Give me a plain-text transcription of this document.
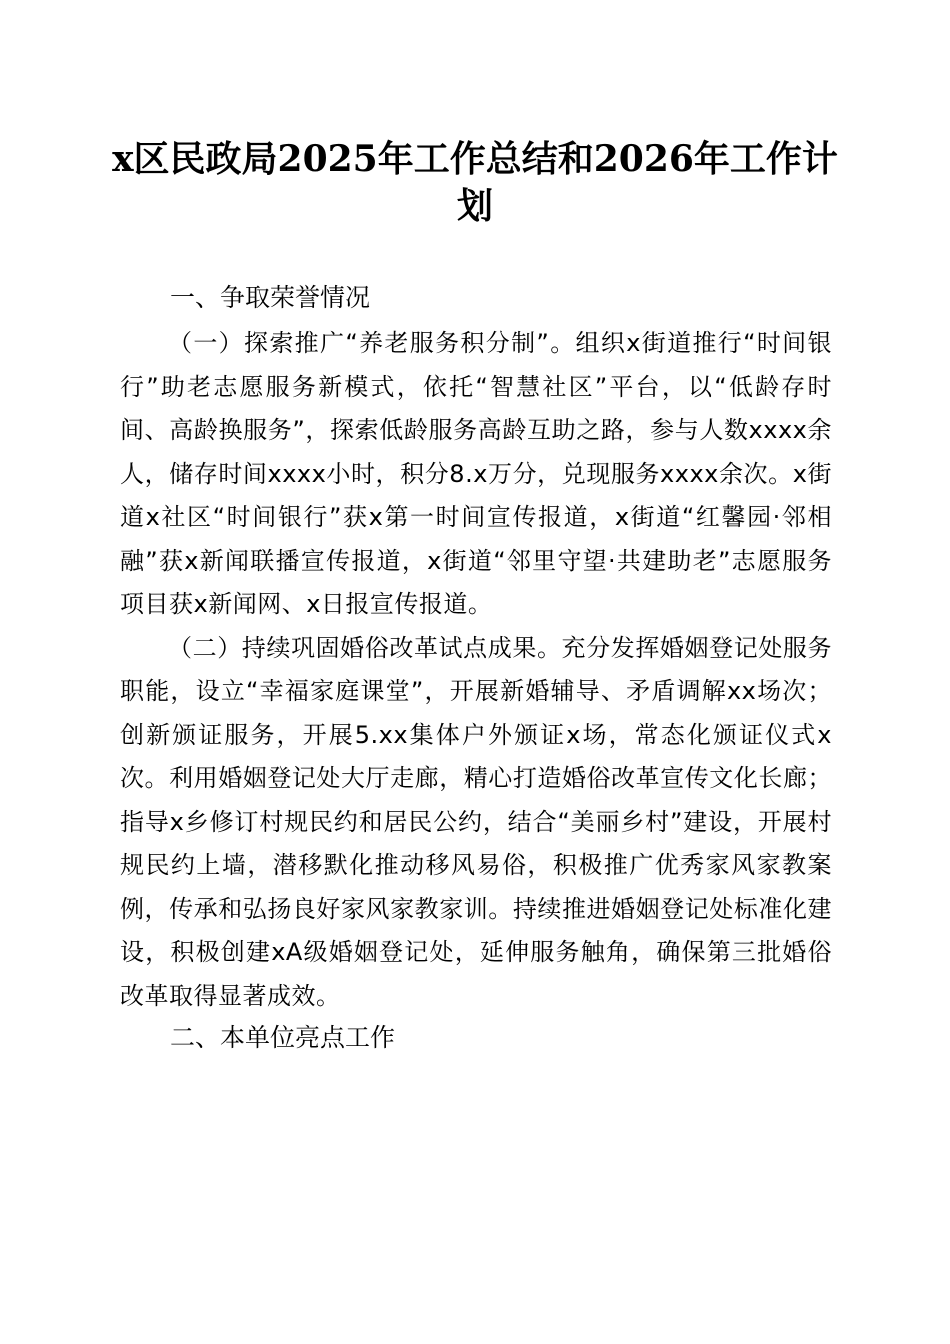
x区民政局2025年工作总结和2026年工作计划
一、争取荣誉情况

（一）探索推广“养老服务积分制”。组织x街道推行“时间银行”助老志愿服务新模式，依托“智慧社区”平台，以“低龄存时间、高龄换服务”，探索低龄服务高龄互助之路，参与人数xxxx余人，储存时间xxxx小时，积分8.x万分，兑现服务xxxx余次。x街道x社区“时间银行”获x第一时间宣传报道，x街道“红馨园·邻相融”获x新闻联播宣传报道，x街道“邻里守望·共建助老”志愿服务项目获x新闻网、x日报宣传报道。

（二）持续巩固婚俗改革试点成果。充分发挥婚姻登记处服务职能，设立“幸福家庭课堂”，开展新婚辅导、矛盾调解xx场次；创新颁证服务，开展5.xx集体户外颁证x场，常态化颁证仪式x次。利用婚姻登记处大厅走廊，精心打造婚俗改革宣传文化长廊；指导x乡修订村规民约和居民公约，结合“美丽乡村”建设，开展村规民约上墙，潜移默化推动移风易俗，积极推广优秀家风家教案例，传承和弘扬良好家风家教家训。持续推进婚姻登记处标准化建设，积极创建xA级婚姻登记处，延伸服务触角，确保第三批婚俗改革取得显著成效。

二、本单位亮点工作
